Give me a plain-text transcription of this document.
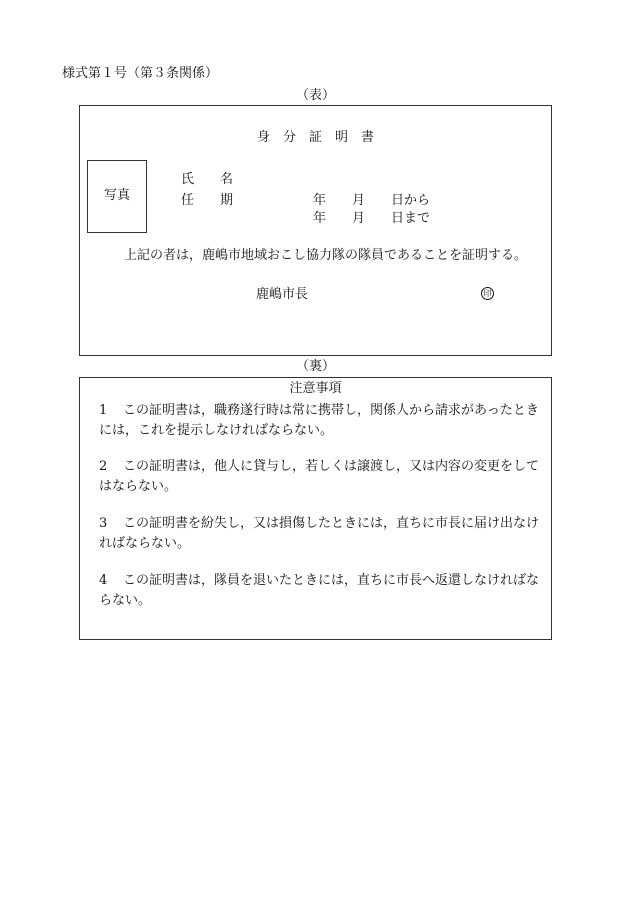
様式第１号（第３条関係）
（表）
身　分　証　明　書
写真
氏　　名
任　　期	年　　月　　日から
年　　月　　日まで
上記の者は，鹿嶋市地域おこし協力隊の隊員であることを証明する。
鹿嶋市長	印
（裏）
注意事項
1 この証明書は，職務遂行時は常に携帯し，関係人から請求があったときには，これを提示しなければならない。
2 この証明書は，他人に貸与し，若しくは譲渡し，又は内容の変更をしてはならない。
3 この証明書を紛失し，又は損傷したときには，直ちに市長に届け出なければならない。
4 この証明書は，隊員を退いたときには，直ちに市長へ返還しなければならない。
